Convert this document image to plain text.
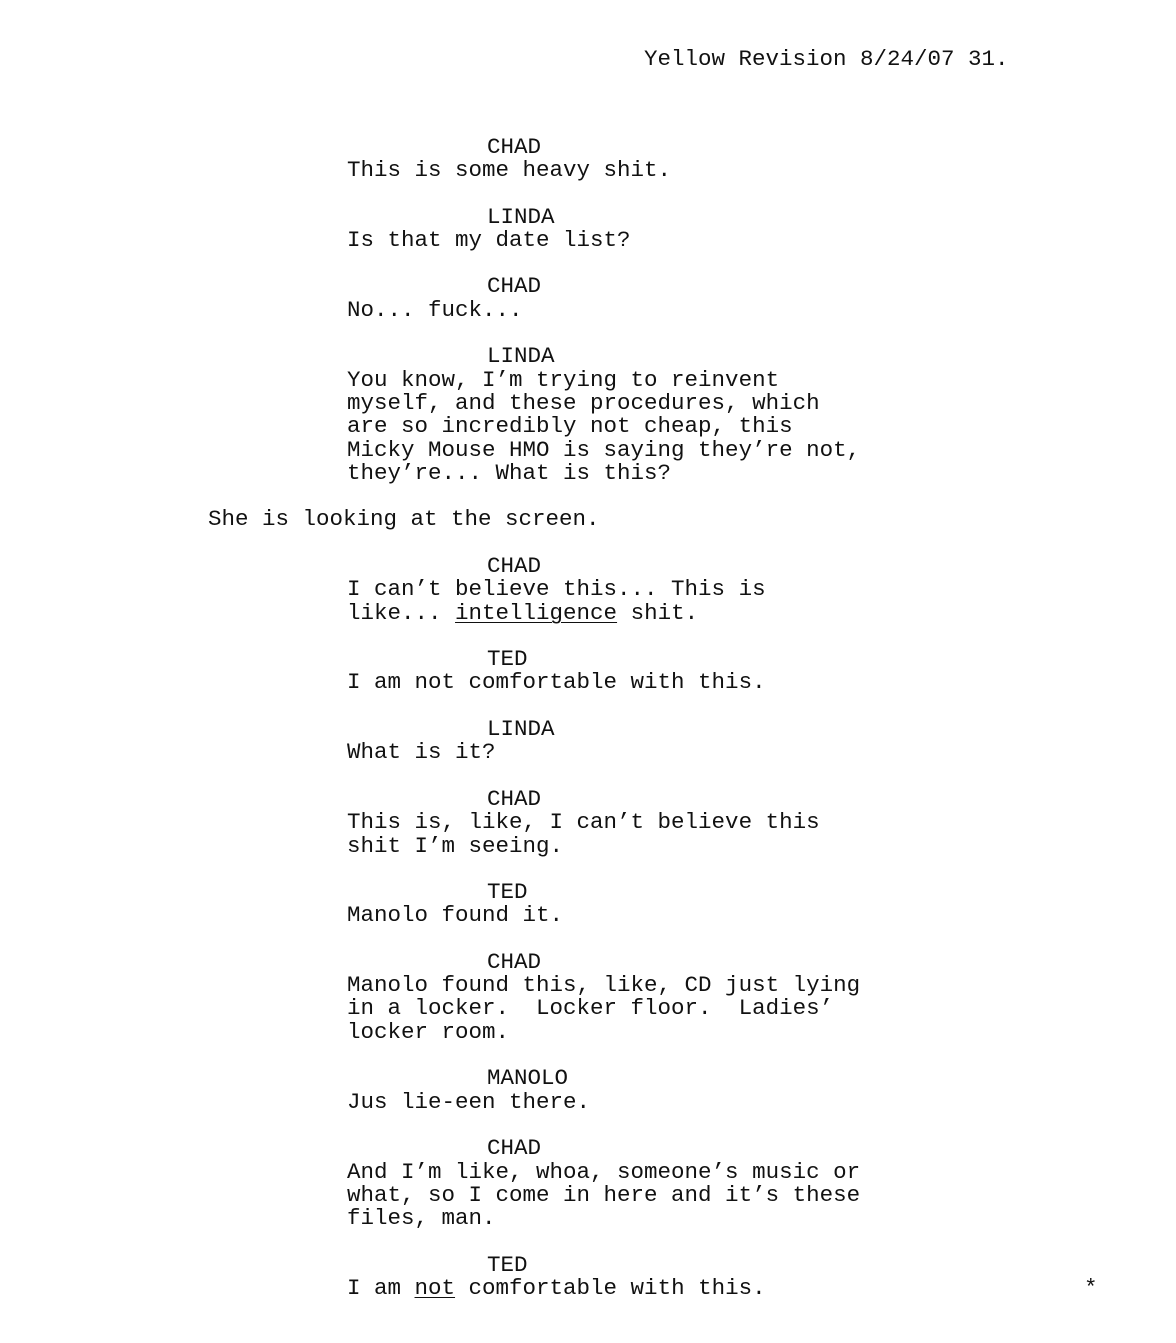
Yellow Revision 8/24/07 31.
CHAD
This is some heavy shit.
LINDA
Is that my date list?
CHAD
No... fuck...
LINDA
You know, I’m trying to reinvent
myself, and these procedures, which
are so incredibly not cheap, this
Micky Mouse HMO is saying they’re not,
they’re... What is this?
She is looking at the screen.
CHAD
I can’t believe this... This is
like... intelligence shit.
TED
I am not comfortable with this.
LINDA
What is it?
CHAD
This is, like, I can’t believe this
shit I’m seeing.
TED
Manolo found it.
CHAD
Manolo found this, like, CD just lying
in a locker.  Locker floor.  Ladies’
locker room.
MANOLO
Jus lie-een there.
CHAD
And I’m like, whoa, someone’s music or
what, so I come in here and it’s these
files, man.
TED
I am not comfortable with this.	*
